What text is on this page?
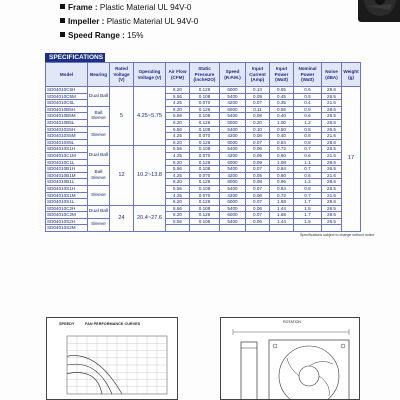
Frame : Plastic Material UL 94V-0
Impeller : Plastic Material UL 94V-0
Speed Range : 15%
SPECIFICATIONS
Model	Bearing	Rated Voltage (V)	Operating Voltage (V)	Air Flow (CFM)	Static Pressure (inchH2O)	Speed (R.P.M.)	Input Current (Amp)	Input Power (Watt)	Nominal Power (Watt)	Noise (dBA)	Weight (g)
SD04010C5H	Dual Ball	5	4.25~5.75	6.20	0.126	6000	0.13	0.65	0.6	28.6	17
SD04010C5M				5.56	0.108	5400	0.09	0.45	0.5	26.5	
SD04010C5L				4.25	0.070	4200	0.07	0.35	0.4	21.6	
SD04010B5H	Ball Sleeve			6.20	0.126	6000	0.11	0.55	0.9	28.6	
SD04010B5M				5.56	0.108	5400	0.08	0.40	0.6	26.5	
SD04010B5L				6.20	0.126	6000	0.20	1.00	1.2	28.6	
SD04010S5H	Sleeve			5.56	0.108	5400	0.10	0.50	0.8	26.5	
SD04010S5M				4.25	0.070	4200	0.08	0.40	0.6	21.6	
SD04010S5L				6.20	0.126	6000	0.07	0.84	0.8	28.6	
SD04010S1H	Dual Ball	12	10.2~13.8	5.56	0.108	5400	0.06	0.72	0.7	26.5	
SD04010C1M				4.25	0.070	4200	0.05	0.60	0.6	21.6	
SD04010C1L				6.20	0.126	6000	0.09	1.08	1.1	28.6	
SD04010B1H	Ball Sleeve			5.56	0.108	5400	0.07	0.84	0.7	26.5	
SD04010B1M				4.25	0.070	4200	0.05	0.60	0.6	21.6	
SD04010B1L				6.20	0.126	6000	0.08	0.96	1.2	28.6	
SD04010S1H	Sleeve			5.56	0.108	5400	0.07	0.84	0.8	26.5	
SD04010S1M				4.25	0.070	4200	0.06	0.72	0.7	21.6	
SD04010S1L				6.20	0.126	6000	0.07	1.68	1.7	28.6	
SD04010C2H	Dual Ball	24	20.4~27.6	5.56	0.108	5400	0.06	1.44	1.5	26.5	
SD04010C2M				6.20	0.126	6000	0.07	1.68	1.7	28.6	
SD04010S2H	Sleeve			5.56	0.108	5400	0.06	1.44	1.5	26.5	
SD04010S2M											
Specifications subject to change without notice
SPEEDY	FAN PERFORMANCE CURVES	ROTATION
